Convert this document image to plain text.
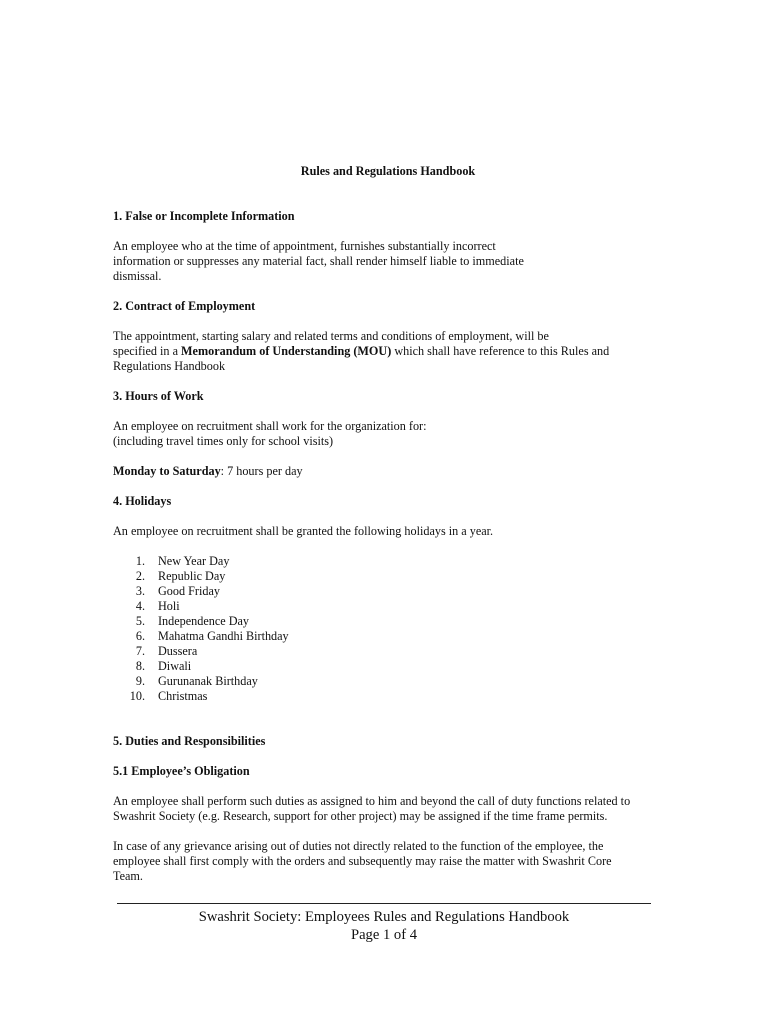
Rules and Regulations Handbook
1. False or Incomplete Information
An employee who at the time of appointment, furnishes substantially incorrect
information or suppresses any material fact, shall render himself liable to immediate
dismissal.
2. Contract of Employment
The appointment, starting salary and related terms and conditions of employment, will be
specified in a Memorandum of Understanding (MOU) which shall have reference to this Rules and
Regulations Handbook
3. Hours of Work
An employee on recruitment shall work for the organization for:
(including travel times only for school visits)
Monday to Saturday: 7 hours per day
4. Holidays
An employee on recruitment shall be granted the following holidays in a year.
1. New Year Day
2. Republic Day
3. Good Friday
4. Holi
5. Independence Day
6. Mahatma Gandhi Birthday
7. Dussera
8. Diwali
9. Gurunanak Birthday
10. Christmas
5. Duties and Responsibilities
5.1 Employee’s Obligation
An employee shall perform such duties as assigned to him and beyond the call of duty functions related to
Swashrit Society (e.g. Research, support for other project) may be assigned if the time frame permits.
In case of any grievance arising out of duties not directly related to the function of the employee, the
employee shall first comply with the orders and subsequently may raise the matter with Swashrit Core
Team.
Swashrit Society: Employees Rules and Regulations Handbook
Page 1 of 4
